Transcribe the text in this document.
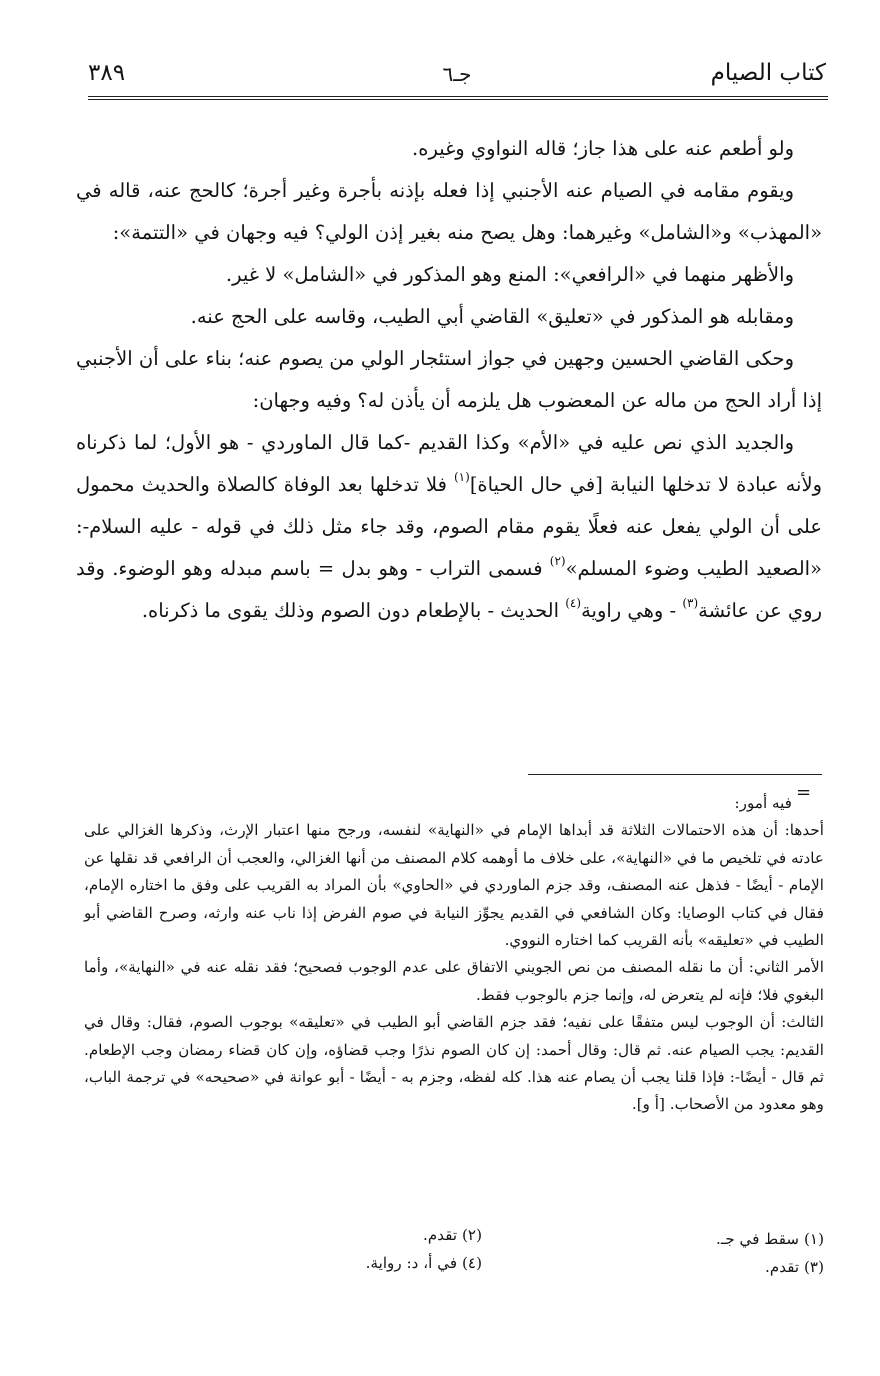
كتاب الصيام
جـ٦
٣٨٩

ولو أطعم عنه على هذا جاز؛ قاله النواوي وغيره.

ويقوم مقامه في الصيام عنه الأجنبي إذا فعله بإذنه بأجرة وغير أجرة؛ كالحج عنه، قاله في «المهذب» و«الشامل» وغيرهما: وهل يصح منه بغير إذن الولي؟ فيه وجهان في «التتمة»:

والأظهر منهما في «الرافعي»: المنع وهو المذكور في «الشامل» لا غير.

ومقابله هو المذكور في «تعليق» القاضي أبي الطيب، وقاسه على الحج عنه.

وحكى القاضي الحسين وجهين في جواز استئجار الولي من يصوم عنه؛ بناء على أن الأجنبي إذا أراد الحج من ماله عن المعضوب هل يلزمه أن يأذن له؟ وفيه وجهان:

والجديد الذي نص عليه في «الأم» وكذا القديم -كما قال الماوردي - هو الأول؛ لما ذكرناه ولأنه عبادة لا تدخلها النيابة [في حال الحياة]$^{(١)}$ فلا تدخلها بعد الوفاة كالصلاة والحديث محمول على أن الولي يفعل عنه فعلًا يقوم مقام الصوم، وقد جاء مثل ذلك في قوله - عليه السلام-: «الصعيد الطيب وضوء المسلم»$^{(٢)}$ فسمى التراب - وهو بدل = باسم مبدله وهو الوضوء. وقد روي عن عائشة$^{(٣)}$ - وهي راوية$^{(٤)}$ الحديث - بالإطعام دون الصوم وذلك يقوى ما ذكرناه.

=

فيه أمور:

أحدها: أن هذه الاحتمالات الثلاثة قد أبداها الإمام في «النهاية» لنفسه، ورجح منها اعتبار الإرث، وذكرها الغزالي على عادته في تلخيص ما في «النهاية»، على خلاف ما أوهمه كلام المصنف من أنها الغزالي، والعجب أن الرافعي قد نقلها عن الإمام - أيضًا - فذهل عنه المصنف، وقد جزم الماوردي في «الحاوي» بأن المراد به القريب على وفق ما اختاره الإمام، فقال في كتاب الوصايا: وكان الشافعي في القديم يجوِّز النيابة في صوم الفرض إذا ناب عنه وارثه، وصرح القاضي أبو الطيب في «تعليقه» بأنه القريب كما اختاره النووي.

الأمر الثاني: أن ما نقله المصنف من نص الجويني الاتفاق على عدم الوجوب فصحيح؛ فقد نقله عنه في «النهاية»، وأما البغوي فلا؛ فإنه لم يتعرض له، وإنما جزم بالوجوب فقط.

الثالث: أن الوجوب ليس متفقًا على نفيه؛ فقد جزم القاضي أبو الطيب في «تعليقه» بوجوب الصوم، فقال: وقال في القديم: يجب الصيام عنه. ثم قال: وقال أحمد: إن كان الصوم نذرًا وجب قضاؤه، وإن كان قضاء رمضان وجب الإطعام. ثم قال - أيضًا-: فإذا قلنا يجب أن يصام عنه هذا. كله لفظه، وجزم به - أيضًا - أبو عوانة في «صحيحه» في ترجمة الباب، وهو معدود من الأصحاب. [أ و].

(١) سقط في جـ.
(٢) تقدم.
(٣) تقدم.
(٤) في أ، د: رواية.
